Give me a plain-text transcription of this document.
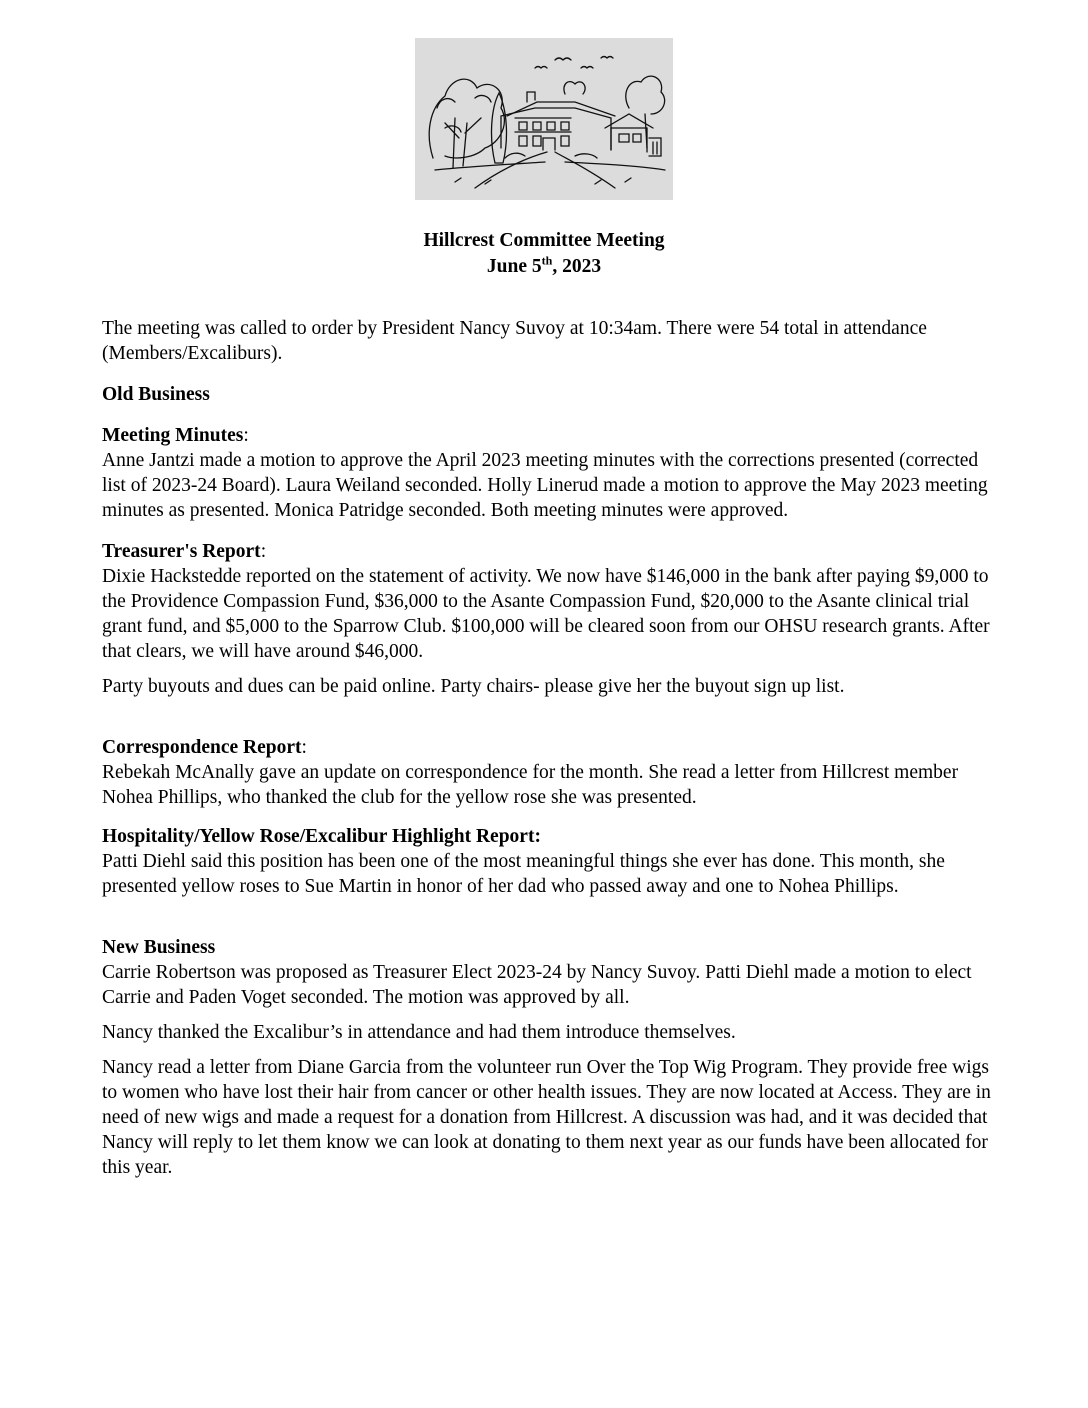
Hillcrest Committee Meeting
June 5th, 2023

The meeting was called to order by President Nancy Suvoy at 10:34am. There were 54 total in attendance (Members/Excaliburs).

Old Business

Meeting Minutes:

Anne Jantzi made a motion to approve the April 2023 meeting minutes with the corrections presented (corrected list of 2023-24 Board). Laura Weiland seconded. Holly Linerud made a motion to approve the May 2023 meeting minutes as presented. Monica Patridge seconded. Both meeting minutes were approved.

Treasurer's Report:

Dixie Hackstedde reported on the statement of activity. We now have $146,000 in the bank after paying $9,000 to the Providence Compassion Fund, $36,000 to the Asante Compassion Fund, $20,000 to the Asante clinical trial grant fund, and $5,000 to the Sparrow Club. $100,000 will be cleared soon from our OHSU research grants. After that clears, we will have around $46,000.

Party buyouts and dues can be paid online. Party chairs- please give her the buyout sign up list.

Correspondence Report:

Rebekah McAnally gave an update on correspondence for the month. She read a letter from Hillcrest member Nohea Phillips, who thanked the club for the yellow rose she was presented.

Hospitality/Yellow Rose/Excalibur Highlight Report:

Patti Diehl said this position has been one of the most meaningful things she ever has done. This month, she presented yellow roses to Sue Martin in honor of her dad who passed away and one to Nohea Phillips.

New Business

Carrie Robertson was proposed as Treasurer Elect 2023-24 by Nancy Suvoy. Patti Diehl made a motion to elect Carrie and Paden Voget seconded. The motion was approved by all.

Nancy thanked the Excalibur’s in attendance and had them introduce themselves.

Nancy read a letter from Diane Garcia from the volunteer run Over the Top Wig Program. They provide free wigs to women who have lost their hair from cancer or other health issues. They are now located at Access. They are in need of new wigs and made a request for a donation from Hillcrest. A discussion was had, and it was decided that Nancy will reply to let them know we can look at donating to them next year as our funds have been allocated for this year.
